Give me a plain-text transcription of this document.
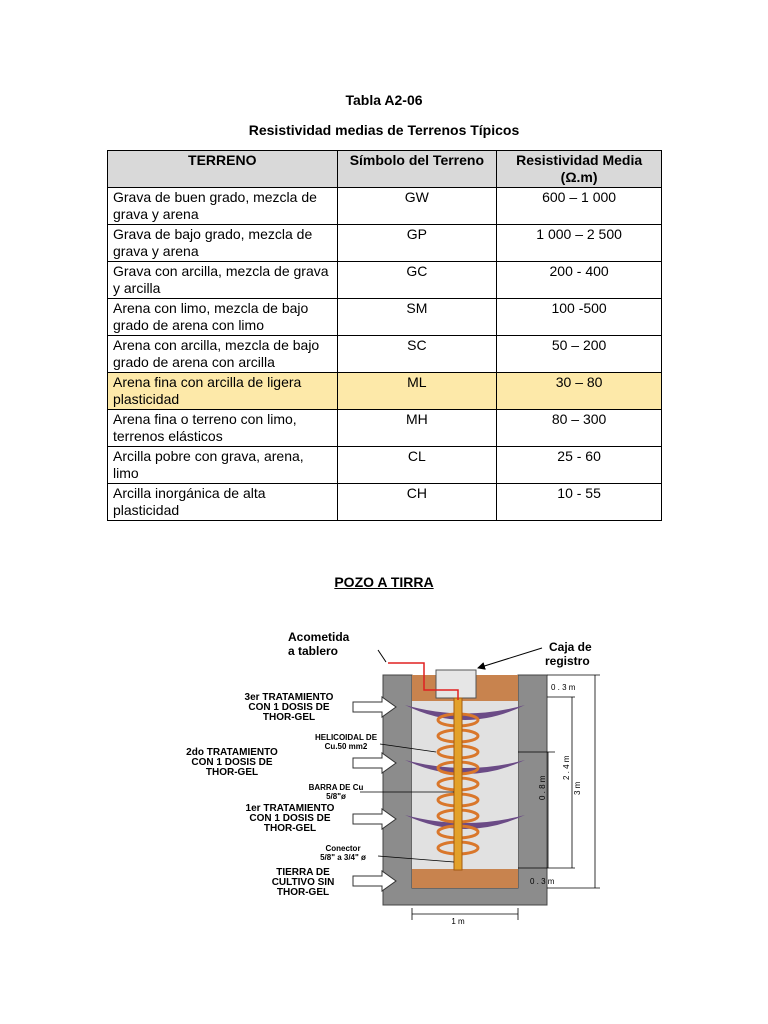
Tabla A2-06
Resistividad medias de Terrenos Típicos
TERRENO	Símbolo del Terreno	Resistividad Media (Ω.m)
Grava de buen grado, mezcla de grava y arena	GW	600 – 1 000
Grava de bajo grado, mezcla de grava y arena	GP	1 000 – 2 500
Grava con arcilla, mezcla de grava y arcilla	GC	200 - 400
Arena con limo, mezcla de bajo grado de arena con limo	SM	100 -500
Arena con arcilla, mezcla de bajo grado de arena con arcilla	SC	50 – 200
Arena fina con arcilla de ligera plasticidad	ML	30 – 80
Arena fina o terreno con limo, terrenos elásticos	MH	80 – 300
Arcilla pobre con grava, arena, limo	CL	25 - 60
Arcilla inorgánica de alta plasticidad	CH	10 - 55
POZO A TIRRA
Acometida
a tablero	Caja de
registro
3er TRATAMIENTO
CON 1 DOSIS DE
THOR-GEL
2do TRATAMIENTO
CON 1 DOSIS DE
THOR-GEL
1er TRATAMIENTO
CON 1 DOSIS DE
THOR-GEL
TIERRA DE
CULTIVO SIN
THOR-GEL
HELICOIDAL DE
Cu.50 mm2
BARRA DE Cu
5/8"ø
Conector
5/8" a 3/4" ø
0 . 3 m
0 . 3 m
0 . 8 m
2 . 4 m
3 m
1 m
